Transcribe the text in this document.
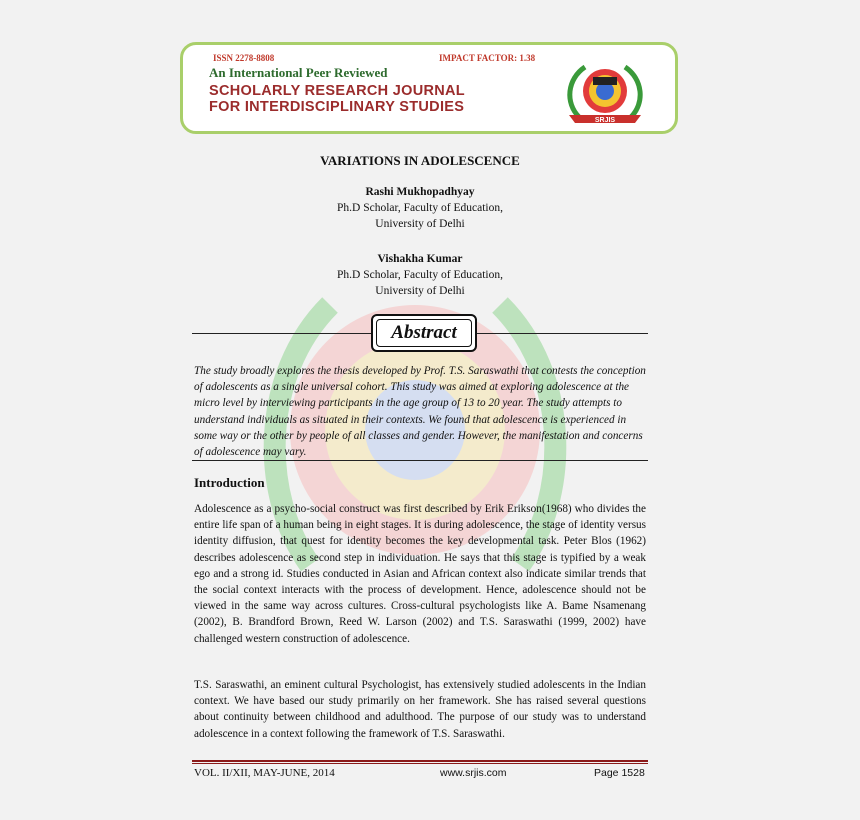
ISSN 2278-8808	IMPACT FACTOR: 1.38
An International Peer Reviewed
SCHOLARLY RESEARCH JOURNAL
FOR INTERDISCIPLINARY STUDIES
SRJIS
VARIATIONS IN ADOLESCENCE
Rashi Mukhopadhyay
Ph.D Scholar, Faculty of Education,
University of Delhi
Vishakha Kumar
Ph.D Scholar, Faculty of Education,
University of Delhi
Abstract
The study broadly explores the thesis developed by Prof. T.S. Saraswathi that contests the conception of adolescents as a single universal cohort. This study was aimed at exploring adolescence at the micro level by interviewing participants in the age group of 13 to 20 year. The study attempts to understand individuals as situated in their contexts. We found that adolescence is experienced in some way or the other by people of all classes and gender. However, the manifestation and concerns of adolescence may vary.
Introduction
Adolescence as a psycho-social construct was first described by Erik Erikson(1968) who divides the entire life span of a human being in eight stages. It is during adolescence, the stage of identity versus identity diffusion, that quest for identity becomes the key developmental task. Peter Blos (1962) describes adolescence as second step in individuation. He says that this stage is typified by a weak ego and a strong id. Studies conducted in Asian and African context also indicate similar trends that the social context interacts with the process of development. Hence, adolescence should not be viewed in the same way across cultures. Cross-cultural psychologists like A. Bame Nsamenang (2002), B. Brandford Brown, Reed W. Larson (2002) and T.S. Saraswathi (1999, 2002) have challenged western construction of adolescence.
T.S. Saraswathi, an eminent cultural Psychologist, has extensively studied adolescents in the Indian context. We have based our study primarily on her framework. She has raised several questions about continuity between childhood and adulthood. The purpose of our study was to understand adolescence in a context following the framework of T.S. Saraswathi.
VOL. II/XII, MAY-JUNE, 2014	www.srjis.com	Page 1528
